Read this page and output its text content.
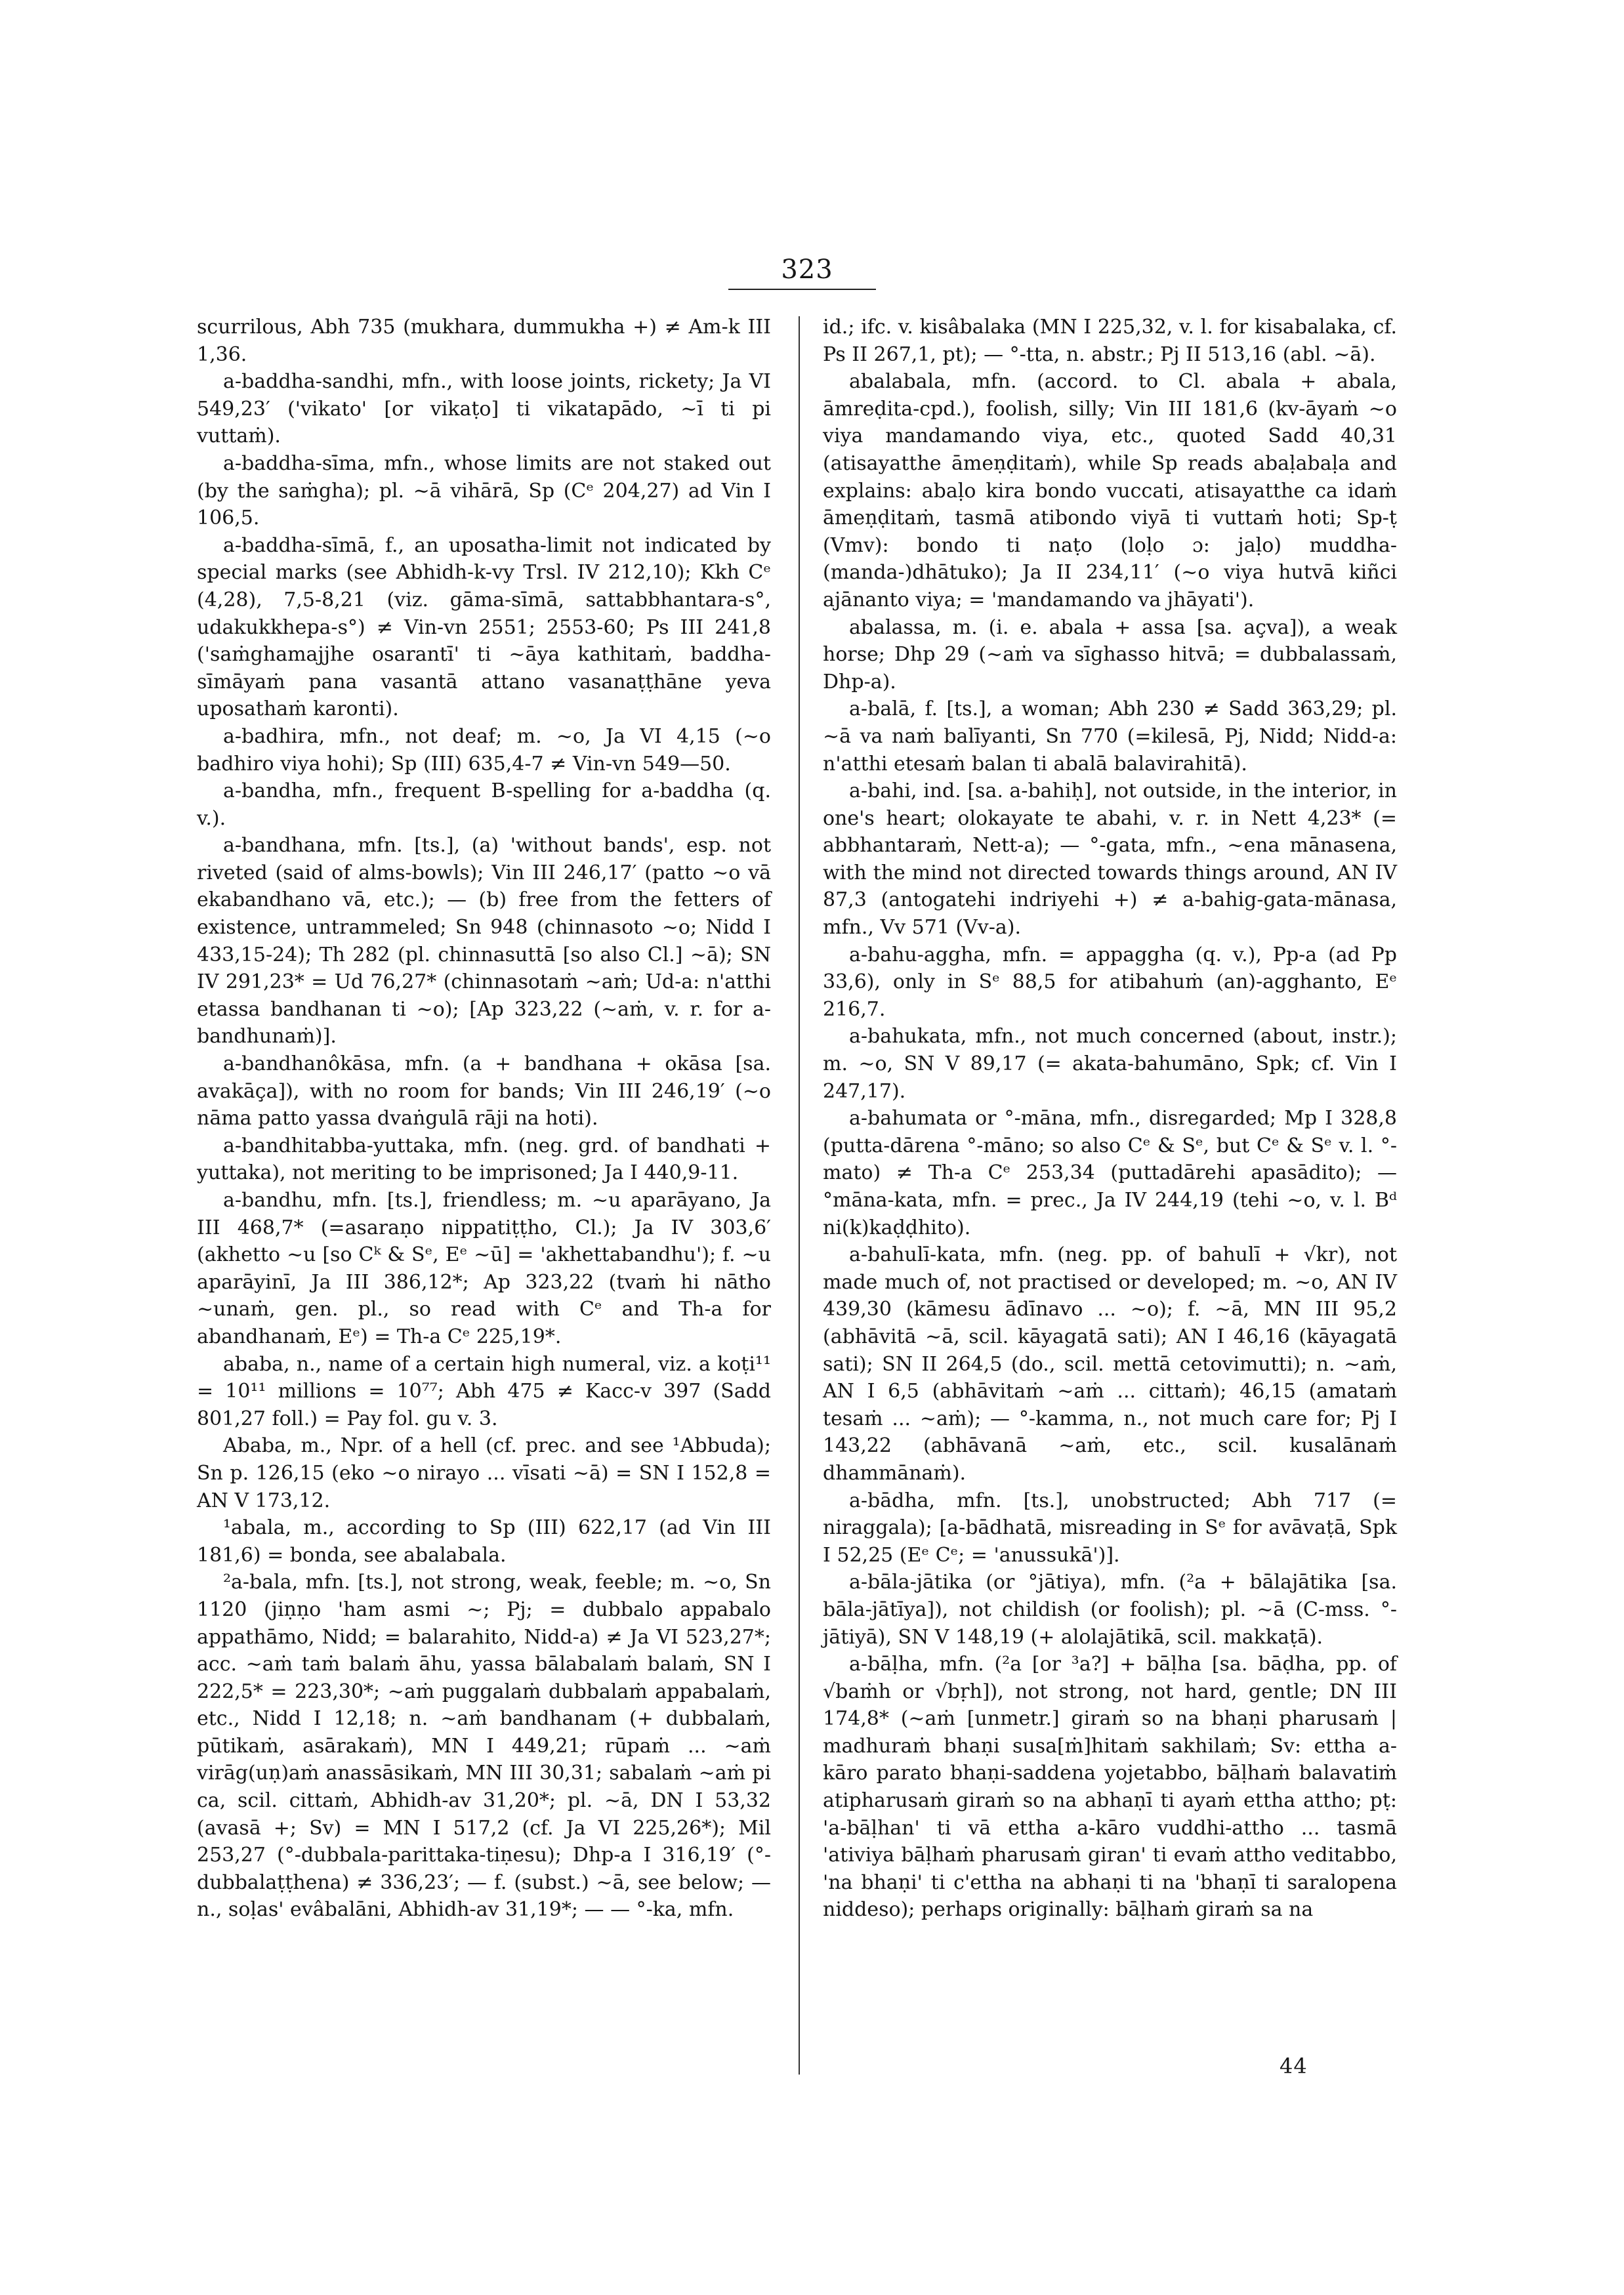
323

scurrilous, Abh 735 (mukhara, dummukha +) ≠ Am-k III 1,36.

a-baddha-sandhi, mfn., with loose joints, rickety; Ja VI 549,23′ ('vikato' [or vikaṭo] ti vikatapādo, ~ī ti pi vuttaṁ).

a-baddha-sīma, mfn., whose limits are not staked out (by the saṁgha); pl. ~ā vihārā, Sp (Cᵉ 204,27) ad Vin I 106,5.

a-baddha-sīmā, f., an uposatha-limit not indicated by special marks (see Abhidh-k-vy Trsl. IV 212,10); Kkh Cᵉ (4,28), 7,5-8,21 (viz. gāma-sīmā, sattabbhantara-s°, udakukkhepa-s°) ≠ Vin-vn 2551; 2553-60; Ps III 241,8 ('saṁghamajjhe osarantī' ti ~āya kathitaṁ, baddha-sīmāyaṁ pana vasantā attano vasanaṭṭhāne yeva uposathaṁ karonti).

a-badhira, mfn., not deaf; m. ~o, Ja VI 4,15 (~o badhiro viya hohi); Sp (III) 635,4-7 ≠ Vin-vn 549—50.

a-bandha, mfn., frequent B-spelling for a-baddha (q. v.).

a-bandhana, mfn. [ts.], (a) 'without bands', esp. not riveted (said of alms-bowls); Vin III 246,17′ (patto ~o vā ekabandhano vā, etc.); — (b) free from the fetters of existence, untrammeled; Sn 948 (chinnasoto ~o; Nidd I 433,15-24); Th 282 (pl. chinnasuttā [so also Cl.] ~ā); SN IV 291,23* = Ud 76,27* (chinnasotaṁ ~aṁ; Ud-a: n'atthi etassa bandhanan ti ~o); [Ap 323,22 (~aṁ, v. r. for a-bandhunaṁ)].

a-bandhanôkāsa, mfn. (a + bandhana + okāsa [sa. avakāça]), with no room for bands; Vin III 246,19′ (~o nāma patto yassa dvaṅgulā rāji na hoti).

a-bandhitabba-yuttaka, mfn. (neg. grd. of bandhati + yuttaka), not meriting to be imprisoned; Ja I 440,9-11.

a-bandhu, mfn. [ts.], friendless; m. ~u aparāyano, Ja III 468,7* (=asaraṇo nippatiṭṭho, Cl.); Ja IV 303,6′ (akhetto ~u [so Cᵏ & Sᵉ, Eᵉ ~ū] = 'akhettabandhu'); f. ~u aparāyinī, Ja III 386,12*; Ap 323,22 (tvaṁ hi nātho ~unaṁ, gen. pl., so read with Cᵉ and Th-a for abandhanaṁ, Eᵉ) = Th-a Cᵉ 225,19*.

ababa, n., name of a certain high numeral, viz. a koṭi¹¹ = 10¹¹ millions = 10⁷⁷; Abh 475 ≠ Kacc-v 397 (Sadd 801,27 foll.) = Pay fol. gu v. 3.

Ababa, m., Npr. of a hell (cf. prec. and see ¹Abbuda); Sn p. 126,15 (eko ~o nirayo ... vīsati ~ā) = SN I 152,8 = AN V 173,12.

¹abala, m., according to Sp (III) 622,17 (ad Vin III 181,6) = bonda, see abalabala.

²a-bala, mfn. [ts.], not strong, weak, feeble; m. ~o, Sn 1120 (jiṇṇo 'ham asmi ~; Pj; = dubbalo appabalo appathāmo, Nidd; = balarahito, Nidd-a) ≠ Ja VI 523,27*; acc. ~aṁ taṁ balaṁ āhu, yassa bālabalaṁ balaṁ, SN I 222,5* = 223,30*; ~aṁ puggalaṁ dubbalaṁ appabalaṁ, etc., Nidd I 12,18; n. ~aṁ bandhanam (+ dubbalaṁ, pūtikaṁ, asārakaṁ), MN I 449,21; rūpaṁ ... ~aṁ virāg(uṇ)aṁ anassāsikaṁ, MN III 30,31; sabalaṁ ~aṁ pi ca, scil. cittaṁ, Abhidh-av 31,20*; pl. ~ā, DN I 53,32 (avasā +; Sv) = MN I 517,2 (cf. Ja VI 225,26*); Mil 253,27 (°-dubbala-parittaka-tiṇesu); Dhp-a I 316,19′ (°-dubbalaṭṭhena) ≠ 336,23′; — f. (subst.) ~ā, see below; — n., soḷas' evâbalāni, Abhidh-av 31,19*; — — °-ka, mfn.

id.; ifc. v. kisâbalaka (MN I 225,32, v. l. for kisabalaka, cf. Ps II 267,1, pt); — °-tta, n. abstr.; Pj II 513,16 (abl. ~ā).

abalabala, mfn. (accord. to Cl. abala + abala, āmreḍita-cpd.), foolish, silly; Vin III 181,6 (kv-āyaṁ ~o viya mandamando viya, etc., quoted Sadd 40,31 (atisayatthe āmeṇḍitaṁ), while Sp reads abaḷabaḷa and explains: abaḷo kira bondo vuccati, atisayatthe ca idaṁ āmeṇḍitaṁ, tasmā atibondo viyā ti vuttaṁ hoti; Sp-ṭ (Vmv): bondo ti naṭo (loḷo ɔ: jaḷo) muddha-(manda-)dhātuko); Ja II 234,11′ (~o viya hutvā kiñci ajānanto viya; = 'mandamando va jhāyati').

abalassa, m. (i. e. abala + assa [sa. açva]), a weak horse; Dhp 29 (~aṁ va sīghasso hitvā; = dubbalassaṁ, Dhp-a).

a-balā, f. [ts.], a woman; Abh 230 ≠ Sadd 363,29; pl. ~ā va naṁ balīyanti, Sn 770 (=kilesā, Pj, Nidd; Nidd-a: n'atthi etesaṁ balan ti abalā balavirahitā).

a-bahi, ind. [sa. a-bahiḥ], not outside, in the interior, in one's heart; olokayate te abahi, v. r. in Nett 4,23* (= abbhantaraṁ, Nett-a); — °-gata, mfn., ~ena mānasena, with the mind not directed towards things around, AN IV 87,3 (antogatehi indriyehi +) ≠ a-bahig-gata-mānasa, mfn., Vv 571 (Vv-a).

a-bahu-aggha, mfn. = appaggha (q. v.), Pp-a (ad Pp 33,6), only in Sᵉ 88,5 for atibahuṁ (an)-agghanto, Eᵉ 216,7.

a-bahukata, mfn., not much concerned (about, instr.); m. ~o, SN V 89,17 (= akata-bahumāno, Spk; cf. Vin I 247,17).

a-bahumata or °-māna, mfn., disregarded; Mp I 328,8 (putta-dārena °-māno; so also Cᵉ & Sᵉ, but Cᵉ & Sᵉ v. l. °-mato) ≠ Th-a Cᵉ 253,34 (puttadārehi apasādito); — °māna-kata, mfn. = prec., Ja IV 244,19 (tehi ~o, v. l. Bᵈ ni(k)kaḍḍhito).

a-bahulī-kata, mfn. (neg. pp. of bahulī + √kr), not made much of, not practised or developed; m. ~o, AN IV 439,30 (kāmesu ādīnavo ... ~o); f. ~ā, MN III 95,2 (abhāvitā ~ā, scil. kāyagatā sati); AN I 46,16 (kāyagatā sati); SN II 264,5 (do., scil. mettā cetovimutti); n. ~aṁ, AN I 6,5 (abhāvitaṁ ~aṁ ... cittaṁ); 46,15 (amataṁ tesaṁ ... ~aṁ); — °-kamma, n., not much care for; Pj I 143,22 (abhāvanā ~aṁ, etc., scil. kusalānaṁ dhammānaṁ).

a-bādha, mfn. [ts.], unobstructed; Abh 717 (= niraggala); [a-bādhatā, misreading in Sᵉ for avāvaṭā, Spk I 52,25 (Eᵉ Cᵉ; = 'anussukā')].

a-bāla-jātika (or °jātiya), mfn. (²a + bālajātika [sa. bāla-jātīya]), not childish (or foolish); pl. ~ā (C-mss. °-jātiyā), SN V 148,19 (+ alolajātikā, scil. makkaṭā).

a-bāḷha, mfn. (²a [or ³a?] + bāḷha [sa. bāḍha, pp. of √baṁh or √bṛh]), not strong, not hard, gentle; DN III 174,8* (~aṁ [unmetr.] giraṁ so na bhaṇi pharusaṁ | madhuraṁ bhaṇi susa[ṁ]hitaṁ sakhilaṁ; Sv: ettha a-kāro parato bhaṇi-saddena yojetabbo, bāḷhaṁ balavatiṁ atipharusaṁ giraṁ so na abhaṇī ti ayaṁ ettha attho; pṭ: 'a-bāḷhan' ti vā ettha a-kāro vuddhi-attho ... tasmā 'ativiya bāḷhaṁ pharusaṁ giran' ti evaṁ attho veditabbo, 'na bhaṇi' ti c'ettha na abhaṇi ti na 'bhaṇī ti saralopena niddeso); perhaps originally: bāḷhaṁ giraṁ sa na

44
